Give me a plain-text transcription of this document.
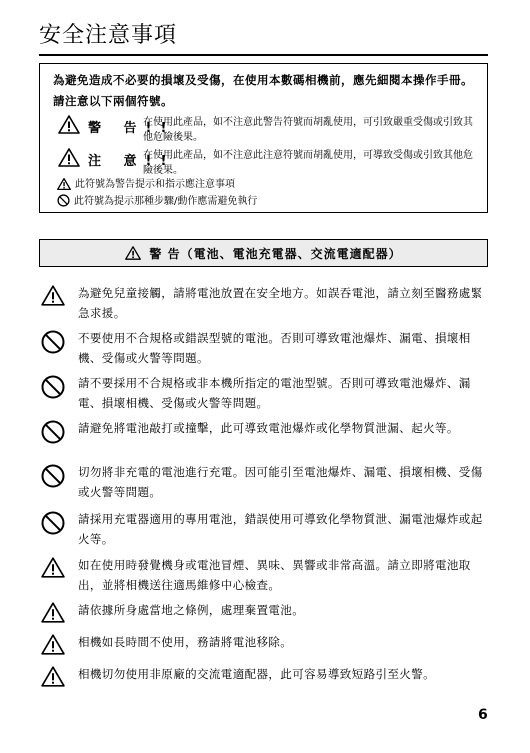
安全注意事項
為避免造成不必要的損壞及受傷，在使用本數碼相機前，應先細閱本操作手冊。請注意以下兩個符號。
警 告!!
在使用此產品，如不注意此警告符號而胡亂使用，可引致嚴重受傷或引致其他危險後果。
注 意!!
在使用此產品，如不注意此注意符號而胡亂使用，可導致受傷或引致其他危險後果。
此符號為警告提示和指示應注意事項
此符號為提示那種步驟/動作應需避免執行
警 告（電池、電池充電器、交流電適配器）
為避免兒童接觸，請將電池放置在安全地方。如誤吞電池，請立刻至醫務處緊急求援。
不要使用不合規格或錯誤型號的電池。否則可導致電池爆炸、漏電、損壞相機、受傷或火警等問題。
請不要採用不合規格或非本機所指定的電池型號。否則可導致電池爆炸、漏電、損壞相機、受傷或火警等問題。
請避免將電池敲打或撞擊，此可導致電池爆炸或化學物質泄漏、起火等。
切勿將非充電的電池進行充電。因可能引至電池爆炸、漏電、損壞相機、受傷或火警等問題。
請採用充電器適用的專用電池，錯誤使用可導致化學物質泄、漏電池爆炸或起火等。
如在使用時發覺機身或電池冒煙、異味、異響或非常高溫。請立即將電池取出，並將相機送往適馬維修中心檢查。
請依據所身處當地之條例，處理棄置電池。
相機如長時間不使用，務請將電池移除。
相機切勿使用非原廠的交流電適配器，此可容易導致短路引至火警。
6
